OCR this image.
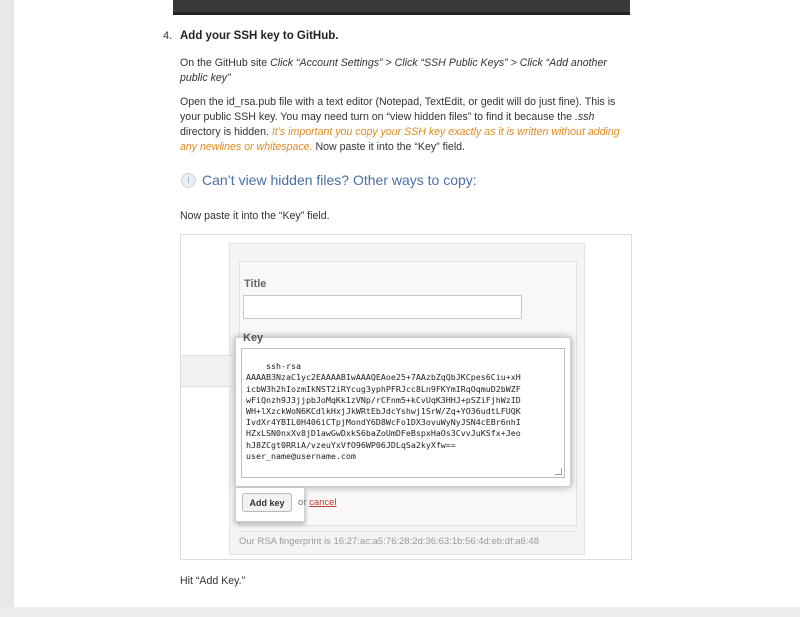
4. Add your SSH key to GitHub.
On the GitHub site Click “Account Settings” > Click “SSH Public Keys” > Click “Add another public key”
Open the id_rsa.pub file with a text editor (Notepad, TextEdit, or gedit will do just fine). This is your public SSH key. You may need turn on “view hidden files” to find it because the .ssh directory is hidden. It’s important you copy your SSH key exactly as it is written without adding any newlines or whitespace. Now paste it into the “Key” field.
i Can’t view hidden files? Other ways to copy:
Now paste it into the “Key” field.
Title
Key

ssh-rsa
AAAAB3NzaC1yc2EAAAABIwAAAQEAoe25+7AAzbZqQbJKCpes6Ciu+xH
icbW3h2hIozmIkNST2iRYcug3yphPFRJcc8Ln9FKYmIRqOqmuD2bWZF
wFiQnzh9J3jjpbJoMqKk1zVNp/rCFnm5+kCvUqK3HHJ+pSZiFjhWzID
WH+lXzckWoN6KCdlkHxjJkWRtEbJdcYshwj1SrW/Zq+YO36udtLFUQK
IvdXr4YBIL0H406iCTpjMondY6D8WcFo1DX3ovuWyNyJSN4cEBr6nhI
HZxLSN0nxXv8jD1awGwDxkS6baZoUmDFeBspxHaOs3CvvJuKSfx+Jeo
hJ8ZCgt0RRiA/vzeuYxVfO96WP06JDLqSa2kyXfw==
user_name@username.com

Add key	or cancel
Our RSA fingerprint is 16:27:ac:a5:76:28:2d:36:63:1b:56:4d:eb:df:a6:48
Hit “Add Key.”
